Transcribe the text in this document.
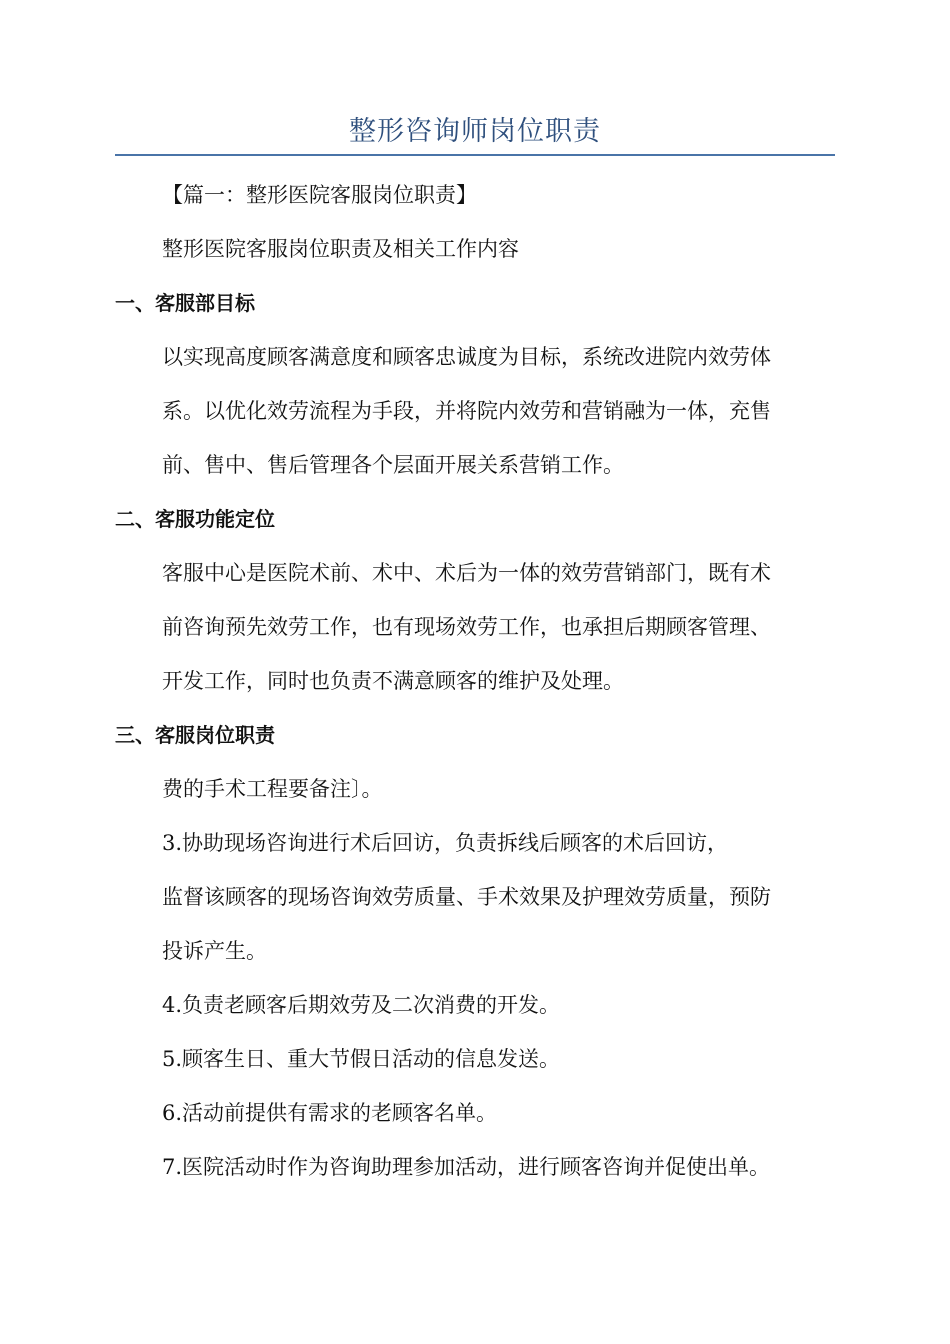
整形咨询师岗位职责

【篇一：整形医院客服岗位职责】

整形医院客服岗位职责及相关工作内容

一、客服部目标

以实现高度顾客满意度和顾客忠诚度为目标，系统改进院内效劳体

系。以优化效劳流程为手段，并将院内效劳和营销融为一体，充售

前、售中、售后管理各个层面开展关系营销工作。

二、客服功能定位

客服中心是医院术前、术中、术后为一体的效劳营销部门，既有术

前咨询预先效劳工作，也有现场效劳工作，也承担后期顾客管理、

开发工作，同时也负责不满意顾客的维护及处理。

三、客服岗位职责

费的手术工程要备注〕。

3.协助现场咨询进行术后回访，负责拆线后顾客的术后回访，

监督该顾客的现场咨询效劳质量、手术效果及护理效劳质量，预防

投诉产生。

4.负责老顾客后期效劳及二次消费的开发。

5.顾客生日、重大节假日活动的信息发送。

6.活动前提供有需求的老顾客名单。

7.医院活动时作为咨询助理参加活动，进行顾客咨询并促使出单。
